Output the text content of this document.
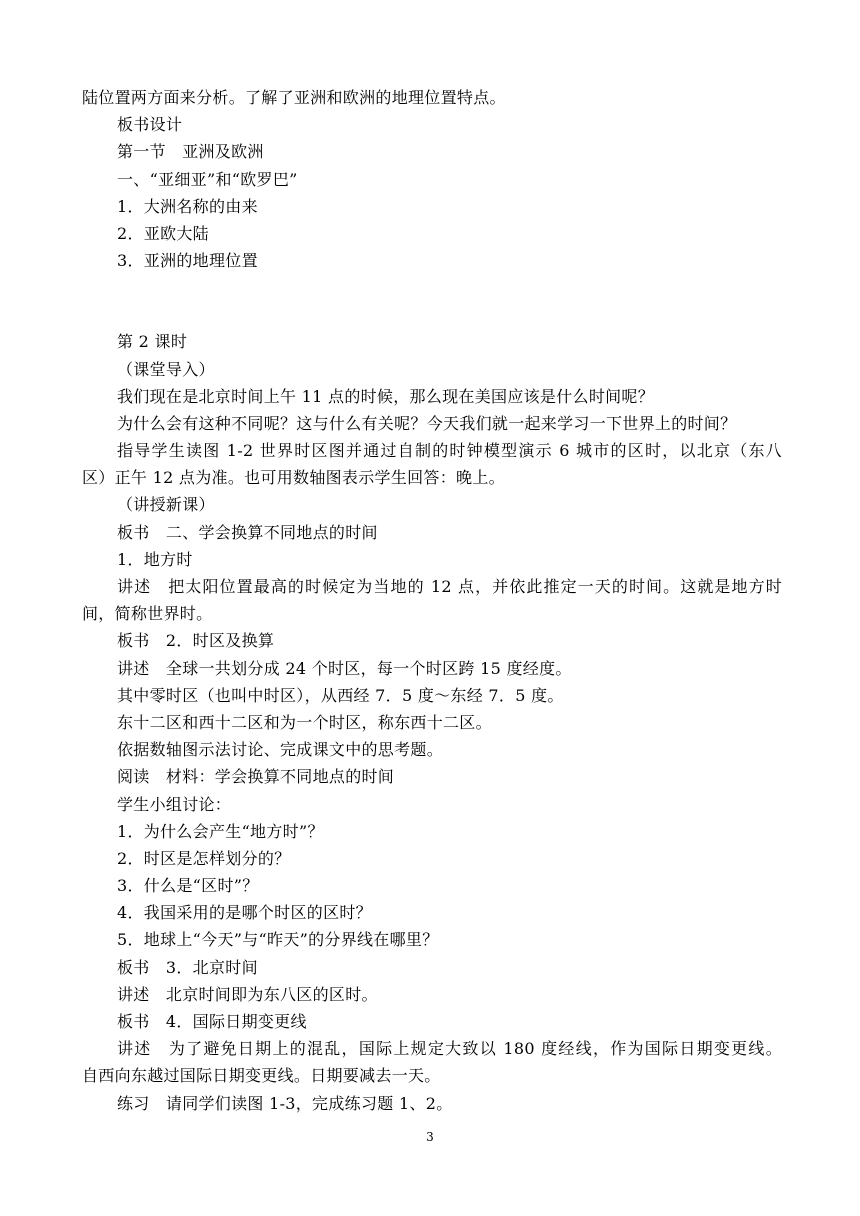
陆位置两方面来分析。了解了亚洲和欧洲的地理位置特点。
板书设计
第一节　亚洲及欧洲
一、“亚细亚”和“欧罗巴”
1．大洲名称的由来
2．亚欧大陆
3．亚洲的地理位置
第 2 课时
（课堂导入）
我们现在是北京时间上午 11 点的时候，那么现在美国应该是什么时间呢？
为什么会有这种不同呢？这与什么有关呢？今天我们就一起来学习一下世界上的时间？
指导学生读图 1-2 世界时区图并通过自制的时钟模型演示 6 城市的区时，以北京（东八
区）正午 12 点为准。也可用数轴图表示学生回答：晚上。
（讲授新课）
板书　二、学会换算不同地点的时间
1．地方时
讲述　把太阳位置最高的时候定为当地的 12 点，并依此推定一天的时间。这就是地方时
间，简称世界时。
板书　2．时区及换算
讲述　全球一共划分成 24 个时区，每一个时区跨 15 度经度。
其中零时区（也叫中时区），从西经 7．5 度～东经 7．5 度。
东十二区和西十二区和为一个时区，称东西十二区。
依据数轴图示法讨论、完成课文中的思考题。
阅读　材料：学会换算不同地点的时间
学生小组讨论：
1．为什么会产生“地方时”？
2．时区是怎样划分的？
3．什么是“区时”？
4．我国采用的是哪个时区的区时？
5．地球上“今天”与“昨天”的分界线在哪里？
板书　3．北京时间
讲述　北京时间即为东八区的区时。
板书　4．国际日期变更线
讲述　为了避免日期上的混乱，国际上规定大致以 180 度经线，作为国际日期变更线。
自西向东越过国际日期变更线。日期要减去一天。
练习　请同学们读图 1-3，完成练习题 1、2。
3
